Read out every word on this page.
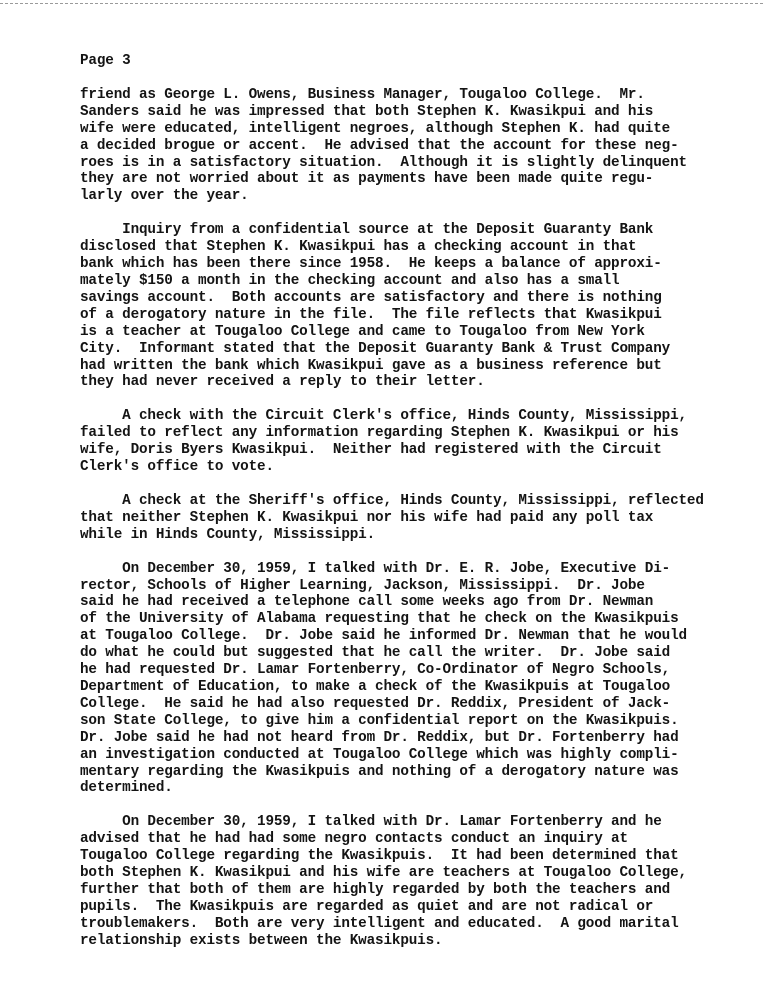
Page 3
friend as George L. Owens, Business Manager, Tougaloo College.  Mr.
Sanders said he was impressed that both Stephen K. Kwasikpui and his
wife were educated, intelligent negroes, although Stephen K. had quite
a decided brogue or accent.  He advised that the account for these neg-
roes is in a satisfactory situation.  Although it is slightly delinquent
they are not worried about it as payments have been made quite regu-
larly over the year.
Inquiry from a confidential source at the Deposit Guaranty Bank
disclosed that Stephen K. Kwasikpui has a checking account in that
bank which has been there since 1958.  He keeps a balance of approxi-
mately $150 a month in the checking account and also has a small
savings account.  Both accounts are satisfactory and there is nothing
of a derogatory nature in the file.  The file reflects that Kwasikpui
is a teacher at Tougaloo College and came to Tougaloo from New York
City.  Informant stated that the Deposit Guaranty Bank & Trust Company
had written the bank which Kwasikpui gave as a business reference but
they had never received a reply to their letter.
A check with the Circuit Clerk's office, Hinds County, Mississippi,
failed to reflect any information regarding Stephen K. Kwasikpui or his
wife, Doris Byers Kwasikpui.  Neither had registered with the Circuit
Clerk's office to vote.
A check at the Sheriff's office, Hinds County, Mississippi, reflected
that neither Stephen K. Kwasikpui nor his wife had paid any poll tax
while in Hinds County, Mississippi.
On December 30, 1959, I talked with Dr. E. R. Jobe, Executive Di-
rector, Schools of Higher Learning, Jackson, Mississippi.  Dr. Jobe
said he had received a telephone call some weeks ago from Dr. Newman
of the University of Alabama requesting that he check on the Kwasikpuis
at Tougaloo College.  Dr. Jobe said he informed Dr. Newman that he would
do what he could but suggested that he call the writer.  Dr. Jobe said
he had requested Dr. Lamar Fortenberry, Co-Ordinator of Negro Schools,
Department of Education, to make a check of the Kwasikpuis at Tougaloo
College.  He said he had also requested Dr. Reddix, President of Jack-
son State College, to give him a confidential report on the Kwasikpuis.
Dr. Jobe said he had not heard from Dr. Reddix, but Dr. Fortenberry had
an investigation conducted at Tougaloo College which was highly compli-
mentary regarding the Kwasikpuis and nothing of a derogatory nature was
determined.
On December 30, 1959, I talked with Dr. Lamar Fortenberry and he
advised that he had had some negro contacts conduct an inquiry at
Tougaloo College regarding the Kwasikpuis.  It had been determined that
both Stephen K. Kwasikpui and his wife are teachers at Tougaloo College,
further that both of them are highly regarded by both the teachers and
pupils.  The Kwasikpuis are regarded as quiet and are not radical or
troublemakers.  Both are very intelligent and educated.  A good marital
relationship exists between the Kwasikpuis.
